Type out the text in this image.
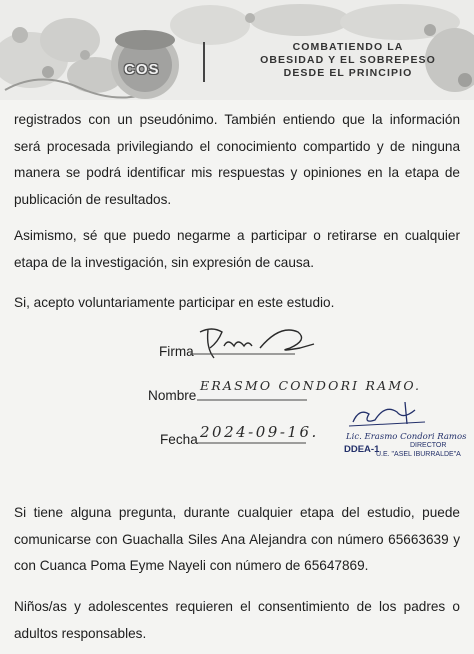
COS
COMBATIENDO LA
OBESIDAD Y EL SOBREPESO
DESDE EL PRINCIPIO

registrados con un pseudónimo. También entiendo que la información será procesada privilegiando el conocimiento compartido y de ninguna manera se podrá identificar mis respuestas y opiniones en la etapa de publicación de resultados.

Asimismo, sé que puedo negarme a participar o retirarse en cualquier etapa de la investigación, sin expresión de causa.

Si, acepto voluntariamente participar en este estudio.

Firma
Nombre
ERASMO CONDORI RAMO.
Fecha 2024-09-16.	Lic. Erasmo Condori Ramos
DDEA-1	DIRECTOR
U.E. "ASEL IBURRALDE"A

Si tiene alguna pregunta, durante cualquier etapa del estudio, puede comunicarse con Guachalla Siles Ana Alejandra con número 65663639 y con Cuanca Poma Eyme Nayeli con número de 65647869.

Niños/as y adolescentes requieren el consentimiento de los padres o adultos responsables.
